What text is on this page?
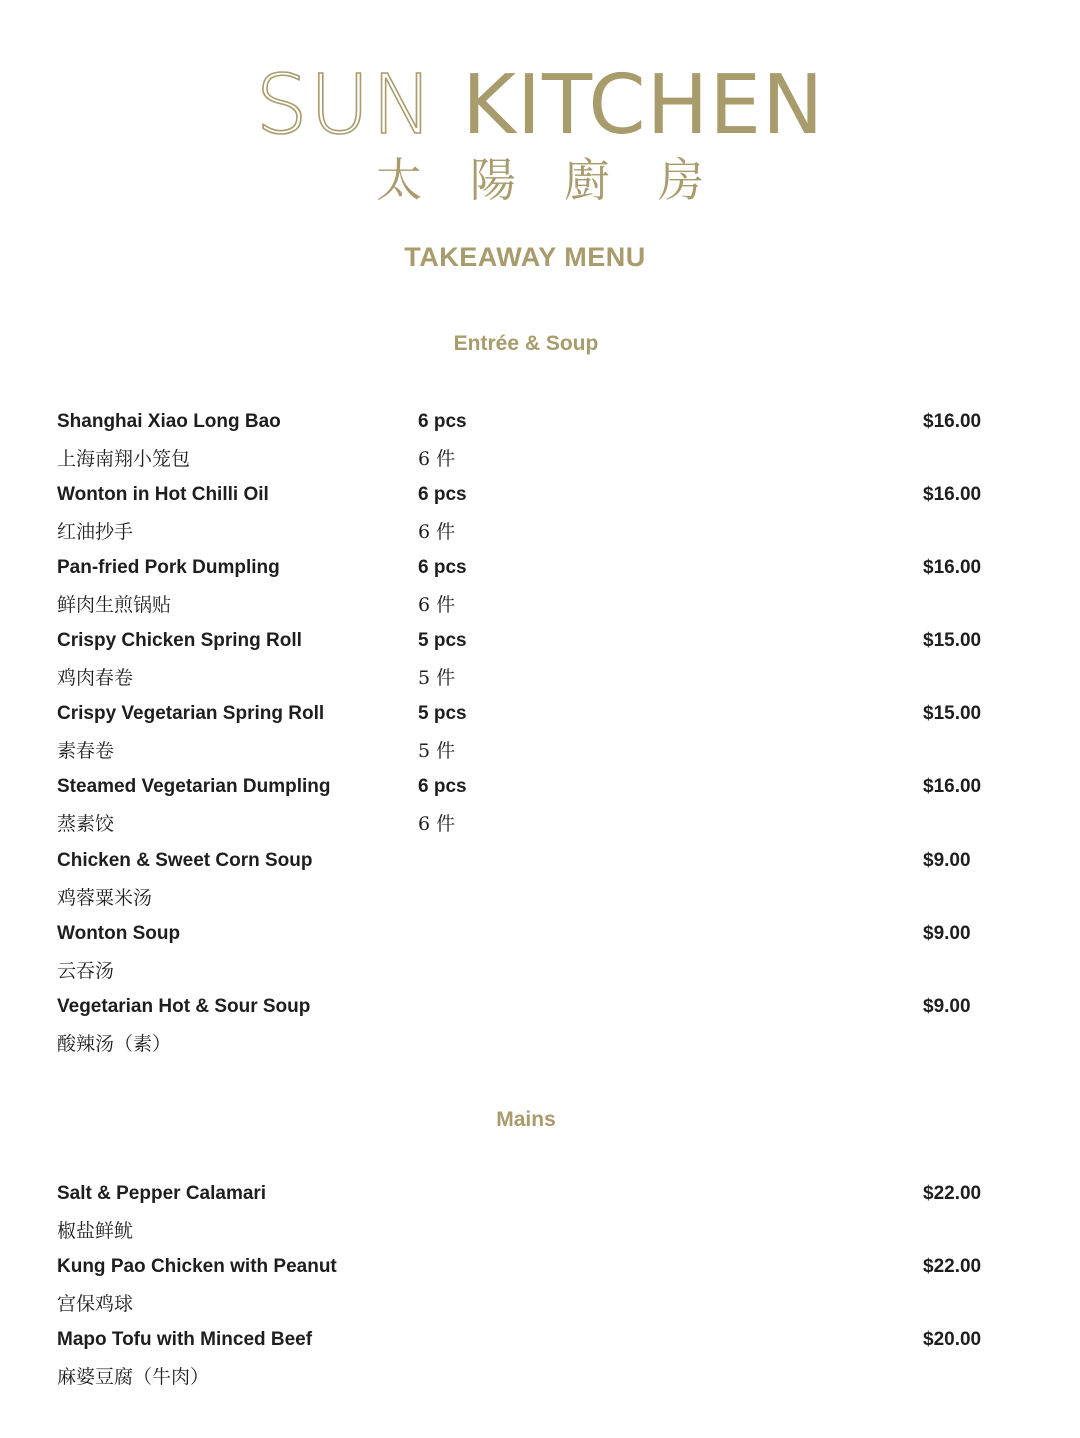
SUN KITCHEN
太陽廚房
TAKEAWAY MENU
Entrée & Soup
Shanghai Xiao Long Bao	6 pcs	$16.00
上海南翔小笼包	6 件
Wonton in Hot Chilli Oil	6 pcs	$16.00
红油抄手	6 件
Pan-fried Pork Dumpling	6 pcs	$16.00
鲜肉生煎锅贴	6 件
Crispy Chicken Spring Roll	5 pcs	$15.00
鸡肉春卷	5 件
Crispy Vegetarian Spring Roll	5 pcs	$15.00
素春卷	5 件
Steamed Vegetarian Dumpling	6 pcs	$16.00
蒸素饺	6 件
Chicken & Sweet Corn Soup	$9.00
鸡蓉粟米汤
Wonton Soup	$9.00
云吞汤
Vegetarian Hot & Sour Soup	$9.00
酸辣汤（素）
Mains
Salt & Pepper Calamari	$22.00
椒盐鲜鱿
Kung Pao Chicken with Peanut	$22.00
宫保鸡球
Mapo Tofu with Minced Beef	$20.00
麻婆豆腐（牛肉）
